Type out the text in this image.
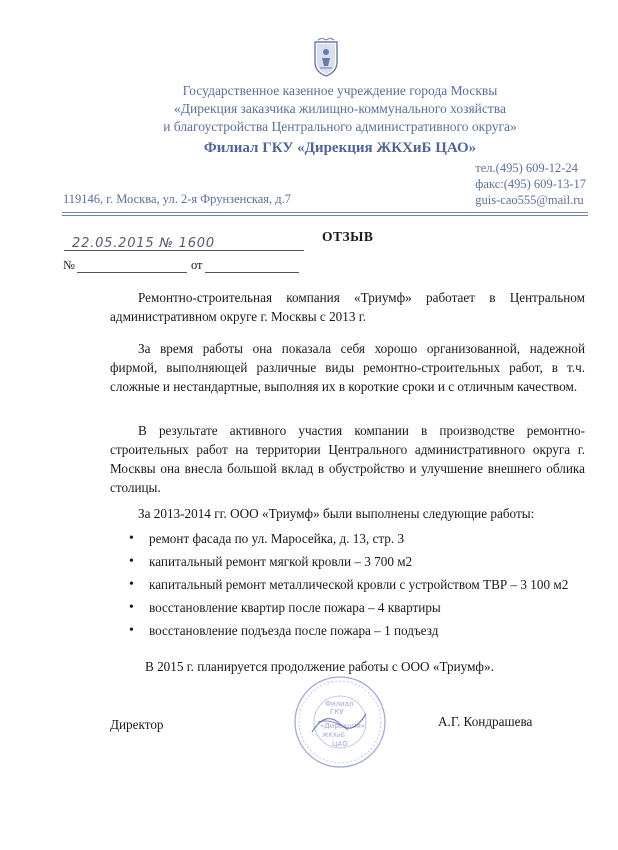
Государственное казенное учреждение города Москвы
«Дирекция заказчика жилищно-коммунального хозяйства
и благоустройства Центрального административного округа»
Филиал ГКУ «Дирекция ЖКХиБ ЦАО»
тел.(495) 609-12-24
факс:(495) 609-13-17
guis-cao555@mail.ru
119146, г. Москва, ул. 2-я Фрунзенская, д.7
22.05.2015 № 1600	ОТЗЫВ
№	от

Ремонтно-строительная компания «Триумф» работает в Центральном административном округе г. Москвы с 2013 г.

За время работы она показала себя хорошо организованной, надежной фирмой, выполняющей различные виды ремонтно-строительных работ, в т.ч. сложные и нестандартные, выполняя их в короткие сроки и с отличным качеством.

В результате активного участия компании в производстве ремонтно-строительных работ на территории Центрального административного округа г. Москвы она внесла большой вклад в обустройство и улучшение внешнего облика столицы.

За 2013-2014 гг. ООО «Триумф» были выполнены следующие работы:

• ремонт фасада по ул. Маросейка, д. 13, стр. 3
• капитальный ремонт мягкой кровли – 3 700 м2
• капитальный ремонт металлической кровли с устройством ТВР – 3 100 м2
• восстановление квартир после пожара – 4 квартиры
• восстановление подъезда после пожара – 1 подъезд
В 2015 г. планируется продолжение работы с ООО «Триумф».
Директор	А.Г. Кондрашева
Филиал
ГКУ
«Дирекция»
ЖКХиБ
ЦАО
